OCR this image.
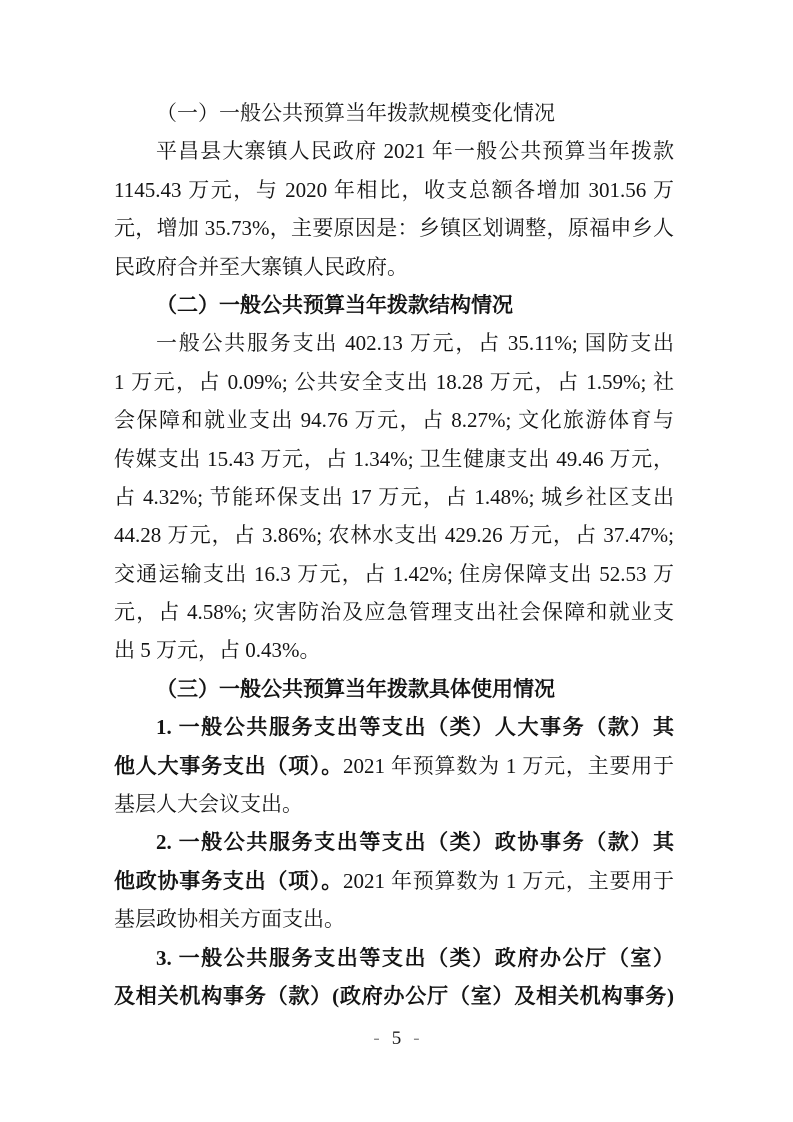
（一）一般公共预算当年拨款规模变化情况
平昌县大寨镇人民政府 2021 年一般公共预算当年拨款
1145.43 万元，与 2020 年相比，收支总额各增加 301.56 万
元，增加 35.73%，主要原因是：乡镇区划调整，原福申乡人
民政府合并至大寨镇人民政府。
（二）一般公共预算当年拨款结构情况
一般公共服务支出 402.13 万元，占 35.11%; 国防支出
1 万元，占 0.09%; 公共安全支出 18.28 万元，占 1.59%; 社
会保障和就业支出 94.76 万元，占 8.27%; 文化旅游体育与
传媒支出 15.43 万元，占 1.34%; 卫生健康支出 49.46 万元，
占 4.32%; 节能环保支出 17 万元，占 1.48%; 城乡社区支出
44.28 万元，占 3.86%; 农林水支出 429.26 万元，占 37.47%;
交通运输支出 16.3 万元，占 1.42%; 住房保障支出 52.53 万
元，占 4.58%; 灾害防治及应急管理支出社会保障和就业支
出 5 万元，占 0.43%。
（三）一般公共预算当年拨款具体使用情况
1. 一般公共服务支出等支出（类）人大事务（款）其
他人大事务支出（项）。2021 年预算数为 1 万元，主要用于
基层人大会议支出。
2. 一般公共服务支出等支出（类）政协事务（款）其
他政协事务支出（项）。2021 年预算数为 1 万元，主要用于
基层政协相关方面支出。
3. 一般公共服务支出等支出（类）政府办公厅（室）
及相关机构事务（款）(政府办公厅（室）及相关机构事务)
- 5 -
